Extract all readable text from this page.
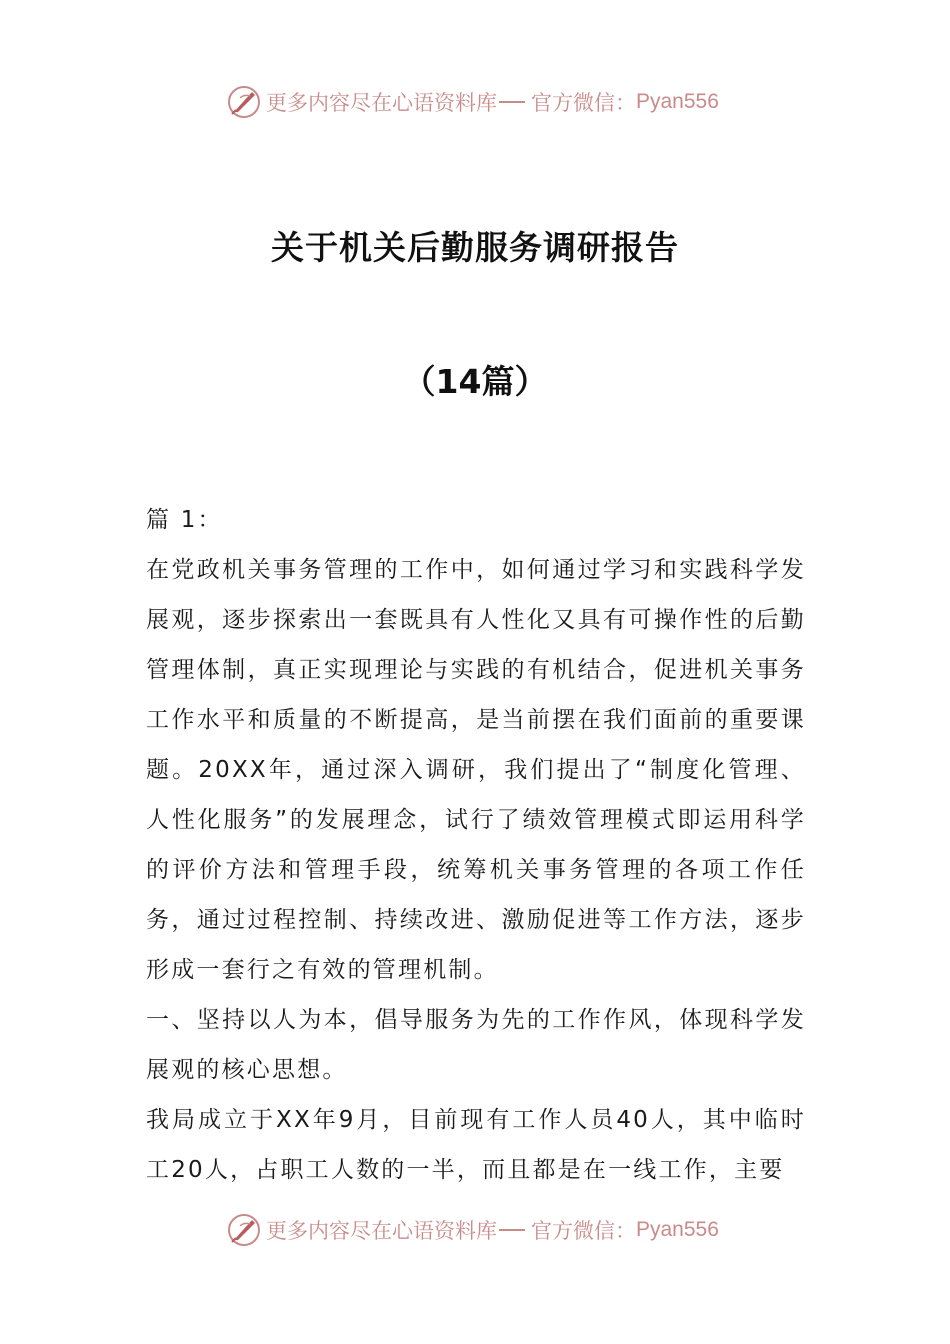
更多内容尽在心语资料库 官方微信： Pyan556
关于机关后勤服务调研报告
（14篇）

篇 1：

在党政机关事务管理的工作中，如何通过学习和实践科学发展观，逐步探索出一套既具有人性化又具有可操作性的后勤管理体制，真正实现理论与实践的有机结合，促进机关事务工作水平和质量的不断提高，是当前摆在我们面前的重要课题。20XX年，通过深入调研，我们提出了“制度化管理、人性化服务”的发展理念，试行了绩效管理模式即运用科学的评价方法和管理手段，统筹机关事务管理的各项工作任务，通过过程控制、持续改进、激励促进等工作方法，逐步形成一套行之有效的管理机制。

一、坚持以人为本，倡导服务为先的工作作风，体现科学发展观的核心思想。

我局成立于XX年9月，目前现有工作人员40人，其中临时工20人，占职工人数的一半，而且都是在一线工作，主要

更多内容尽在心语资料库 官方微信： Pyan556
